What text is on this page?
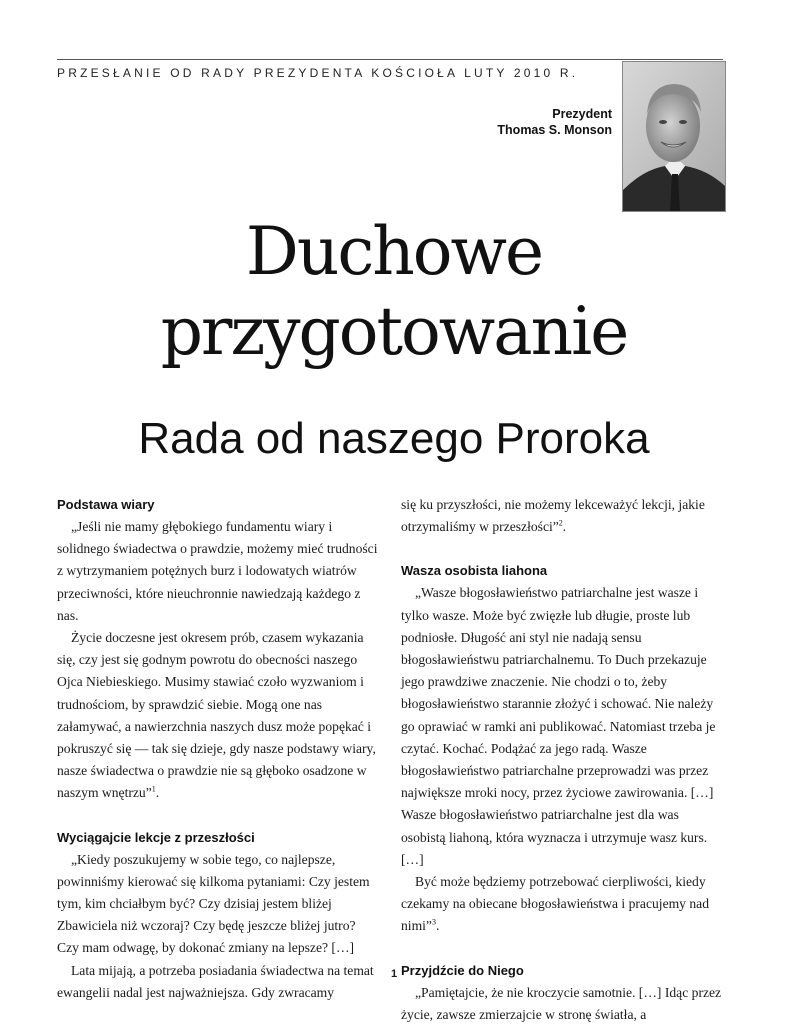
PRZESŁANIE OD RADY PREZYDENTA KOŚCIOŁA LUTY 2010 R.
Prezydent
Thomas S. Monson
Duchowe
przygotowanie
Rada od naszego Proroka
Podstawa wiary

„Jeśli nie mamy głębokiego fundamentu wiary i solidnego świadectwa o prawdzie, możemy mieć trudności z wytrzymaniem potężnych burz i lodowatych wiatrów przeciwności, które nieuchronnie nawiedzają każdego z nas.

Życie doczesne jest okresem prób, czasem wykazania się, czy jest się godnym powrotu do obecności naszego Ojca Niebieskiego. Musimy stawiać czoło wyzwaniom i trudnościom, by sprawdzić siebie. Mogą one nas załamywać, a nawierzchnia naszych dusz może popękać i pokruszyć się — tak się dzieje, gdy nasze podstawy wiary, nasze świadectwa o prawdzie nie są głęboko osadzone w naszym wnętrzu”$^1$.

Wyciągajcie lekcje z przeszłości

„Kiedy poszukujemy w sobie tego, co najlepsze, powinniśmy kierować się kilkoma pytaniami: Czy jestem tym, kim chciałbym być? Czy dzisiaj jestem bliżej Zbawiciela niż wczoraj? Czy będę jeszcze bliżej jutro? Czy mam odwagę, by dokonać zmiany na lepsze? […]

Lata mijają, a potrzeba posiadania świadectwa na temat ewangelii nadal jest najważniejsza. Gdy zwracamy

się ku przyszłości, nie możemy lekceważyć lekcji, jakie otrzymaliśmy w przeszłości”$^2$.

Wasza osobista liahona

„Wasze błogosławieństwo patriarchalne jest wasze i tylko wasze. Może być zwięzłe lub długie, proste lub podniosłe. Długość ani styl nie nadają sensu błogosławieństwu patriarchalnemu. To Duch przekazuje jego prawdziwe znaczenie. Nie chodzi o to, żeby błogosławieństwo starannie złożyć i schować. Nie należy go oprawiać w ramki ani publikować. Natomiast trzeba je czytać. Kochać. Podążać za jego radą. Wasze błogosławieństwo patriarchalne przeprowadzi was przez największe mroki nocy, przez życiowe zawirowania. […] Wasze błogosławieństwo patriarchalne jest dla was osobistą liahoną, która wyznacza i utrzymuje wasz kurs. […]

Być może będziemy potrzebować cierpliwości, kiedy czekamy na obiecane błogosławieństwa i pracujemy nad nimi”$^3$.

Przyjdźcie do Niego

„Pamiętajcie, że nie kroczycie samotnie. […] Idąc przez życie, zawsze zmierzajcie w stronę światła, a

1
